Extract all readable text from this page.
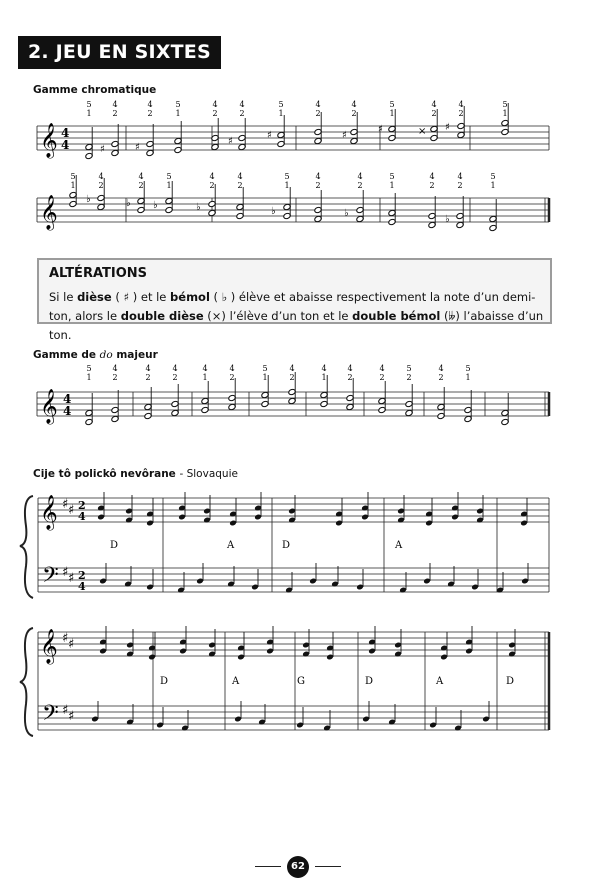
2. JEU EN SIXTES
Gamme chromatique
5
1
4
2
4
2
5
1
4
2
4
2
5
1
4
2
4
2
5
1
4
2
4
2
5
1
𝄞 4
4	♯	♯
♯
♯	♯
♯	× ♯
5
1
4
2
4
2
5
1
4
2
4
2
5
1
4
2
4
2
5
1
4
2
4
2
5
1
𝄞	♭	♭ ♭	♭	♭	♭
♭
ALTÉRATIONS
Si le dièse ( ♯ ) et le bémol ( ♭ ) élève et abaisse respectivement la note d’un demi-ton, alors le double dièse (×) l’élève d’un ton et le double bémol (𝄫) l’abaisse d’un ton.
Gamme de do majeur
5
1
4
2
4
2
4
2
4
1
4
2
5
1
4
2
4
1
4
2
4
2
5
2
4
2
5
1
𝄞 4
4
Cije tô polickô nevôrane - Slovaquie
𝄞
𝄢
♯ ♯
♯ ♯
2
4
2
4
D	A	D	A
𝄞
𝄢
♯ ♯
♯ ♯
D	A	G	D	A	D
62
